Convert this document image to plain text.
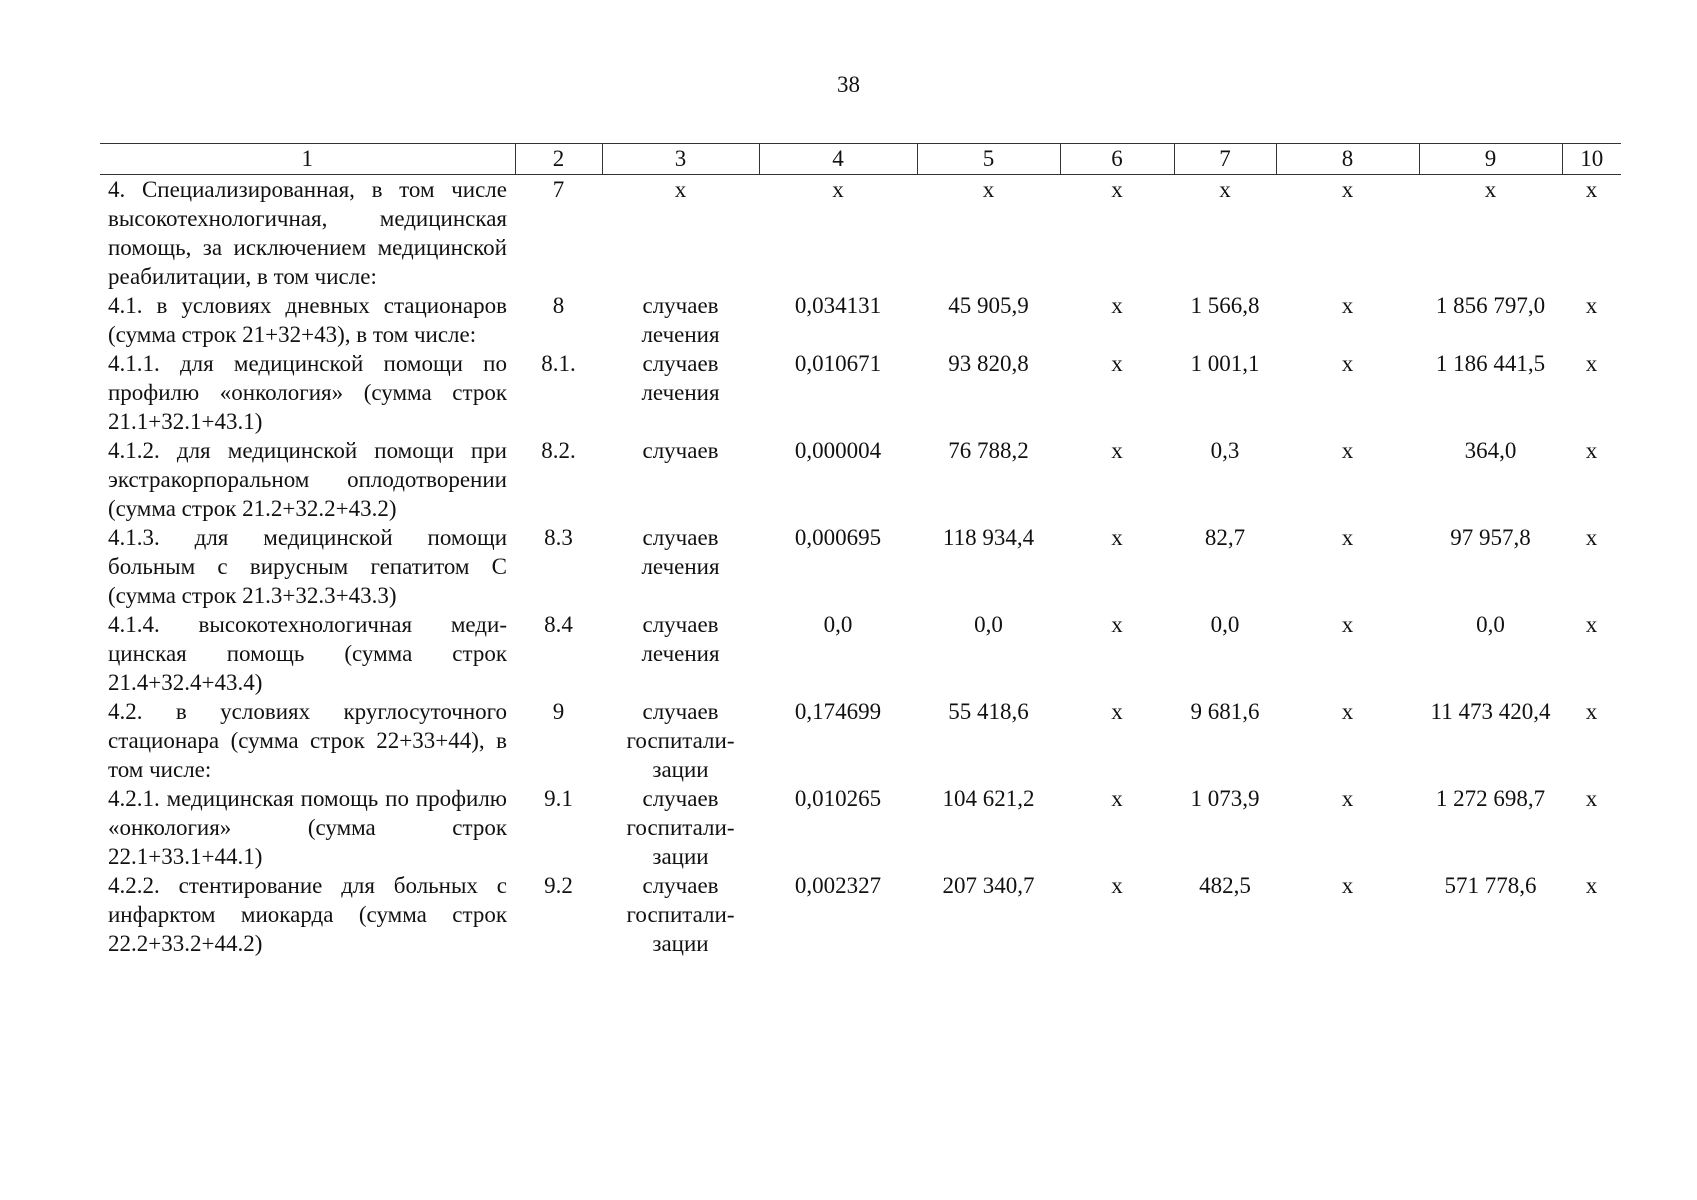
38
1	2	3	4	5	6	7	8	9	10
4. Специализированная, в том числе высокотехнологичная, медицинская помощь, за исключением медицинской реабилитации, в том числе:	7	х	х	х	х	х	х	х	х
4.1. в условиях дневных стационаров (сумма строк 21+32+43), в том числе:	8	случаев лечения	0,034131	45 905,9	х	1 566,8	х	1 856 797,0	х
4.1.1. для медицинской помощи по профилю «онкология» (сумма строк 21.1+32.1+43.1)	8.1.	случаев лечения	0,010671	93 820,8	х	1 001,1	х	1 186 441,5	х
4.1.2. для медицинской помощи при экстракорпоральном оплодотворении (сумма строк 21.2+32.2+43.2)	8.2.	случаев	0,000004	76 788,2	х	0,3	х	364,0	х
4.1.3. для медицинской помощи больным с вирусным гепатитом С (сумма строк 21.3+32.3+43.3)	8.3	случаев лечения	0,000695	118 934,4	х	82,7	х	97 957,8	х
4.1.4. высокотехнологичная медицинская помощь (сумма строк 21.4+32.4+43.4)	8.4	случаев лечения	0,0	0,0	х	0,0	х	0,0	х
4.2. в условиях круглосуточного стационара (сумма строк 22+33+44), в том числе:	9	случаев госпитализации	0,174699	55 418,6	х	9 681,6	х	11 473 420,4	х
4.2.1. медицинская помощь по профилю «онкология» (сумма строк 22.1+33.1+44.1)	9.1	случаев госпитализации	0,010265	104 621,2	х	1 073,9	х	1 272 698,7	х
4.2.2. стентирование для больных с инфарктом миокарда (сумма строк 22.2+33.2+44.2)	9.2	случаев госпитализации	0,002327	207 340,7	х	482,5	х	571 778,6	х
